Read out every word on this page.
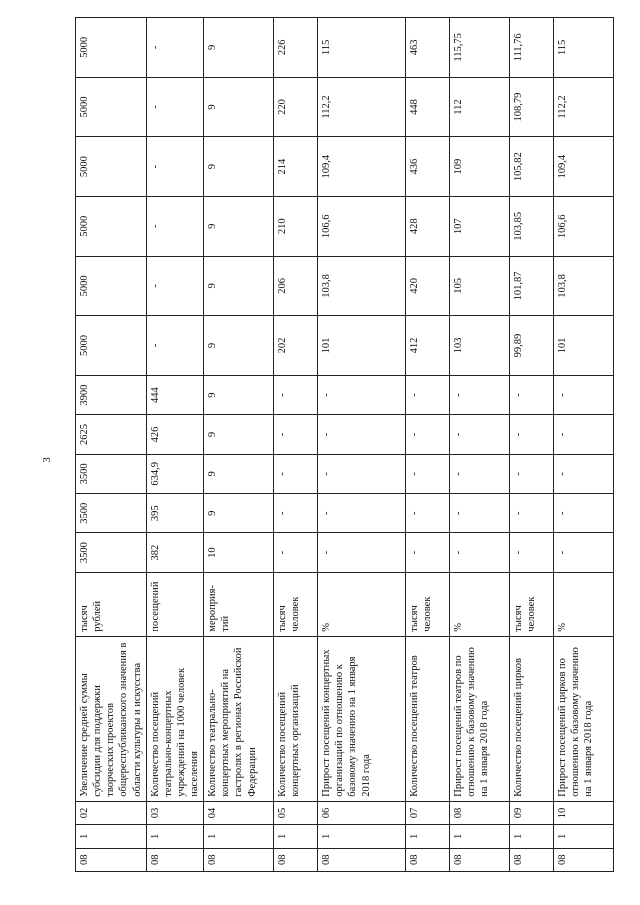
3
08	1	02	Увеличение средней суммы субсидии для поддержки творческих проектов общереспубликанского значения в области культуры и искусства	тысяч рублей	3500	3500	3500	2625	3900	5000	5000	5000	5000	5000	5000
08	1	03	Количество посещений театрально-концертных учреждений на 1000 человек населения	посещений	382	395	634,9	426	444	-	-	-	-	-	-
08	1	04	Количество театрально-концертных мероприятий на гастролях в регионах Российской Федерации	мероприя-тий	10	9	9	9	9	9	9	9	9	9	9
08	1	05	Количество посещений концертных организаций	тысяч человек	-	-	-	-	-	202	206	210	214	220	226
08	1	06	Прирост посещений концертных организаций по отношению к базовому значению на 1 января 2018 года	%	-	-	-	-	-	101	103,8	106,6	109,4	112,2	115
08	1	07	Количество посещений театров	тысяч человек	-	-	-	-	-	412	420	428	436	448	463
08	1	08	Прирост посещений театров по отношению к базовому значению на 1 января 2018 года	%	-	-	-	-	-	103	105	107	109	112	115,75
08	1	09	Количество посещений цирков	тысяч человек	-	-	-	-	-	99,89	101,87	103,85	105,82	108,79	111,76
08	1	10	Прирост посещений цирков по отношению к базовому значению на 1 января 2018 года	%	-	-	-	-	-	101	103,8	106,6	109,4	112,2	115
